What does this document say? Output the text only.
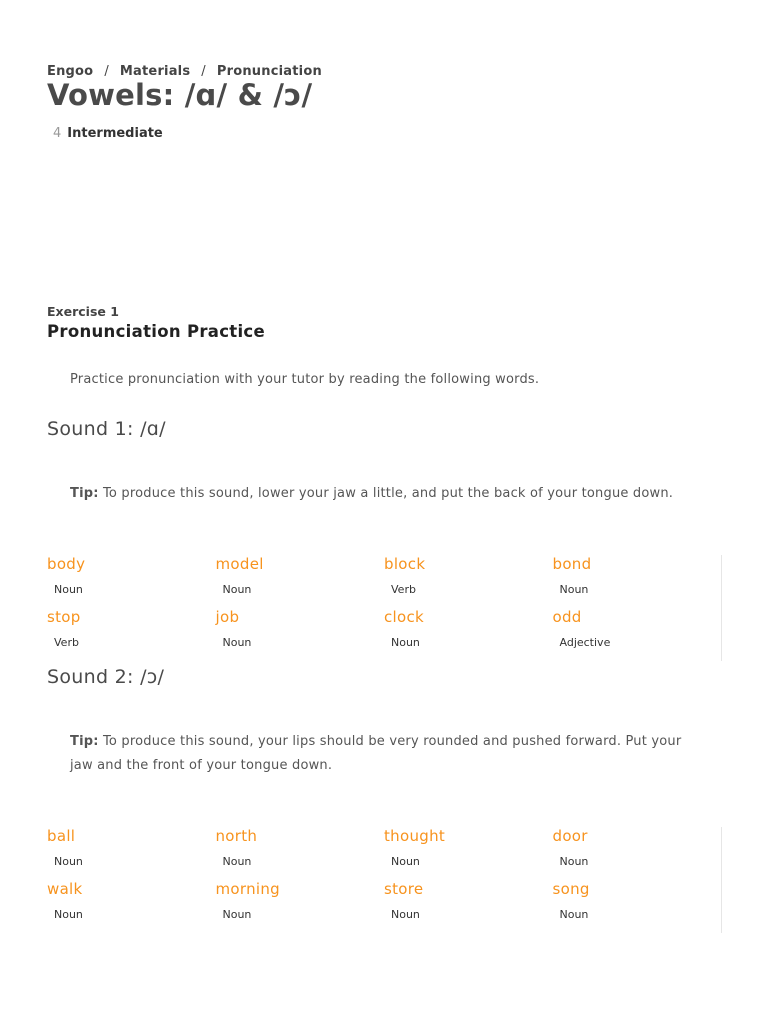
Engoo / Materials / Pronunciation
Vowels: /ɑ/ & /ɔ/
4 Intermediate
Exercise 1
Pronunciation Practice
Practice pronunciation with your tutor by reading the following words.
Sound 1: /ɑ/
Tip: To produce this sound, lower your jaw a little, and put the back of your tongue down.
body
Noun
model
Noun
block
Verb
bond
Noun
stop
Verb
job
Noun
clock
Noun
odd
Adjective
Sound 2: /ɔ/
Tip: To produce this sound, your lips should be very rounded and pushed forward. Put your jaw and the front of your tongue down.
ball
Noun
north
Noun
thought
Noun
door
Noun
walk
Noun
morning
Noun
store
Noun
song
Noun
